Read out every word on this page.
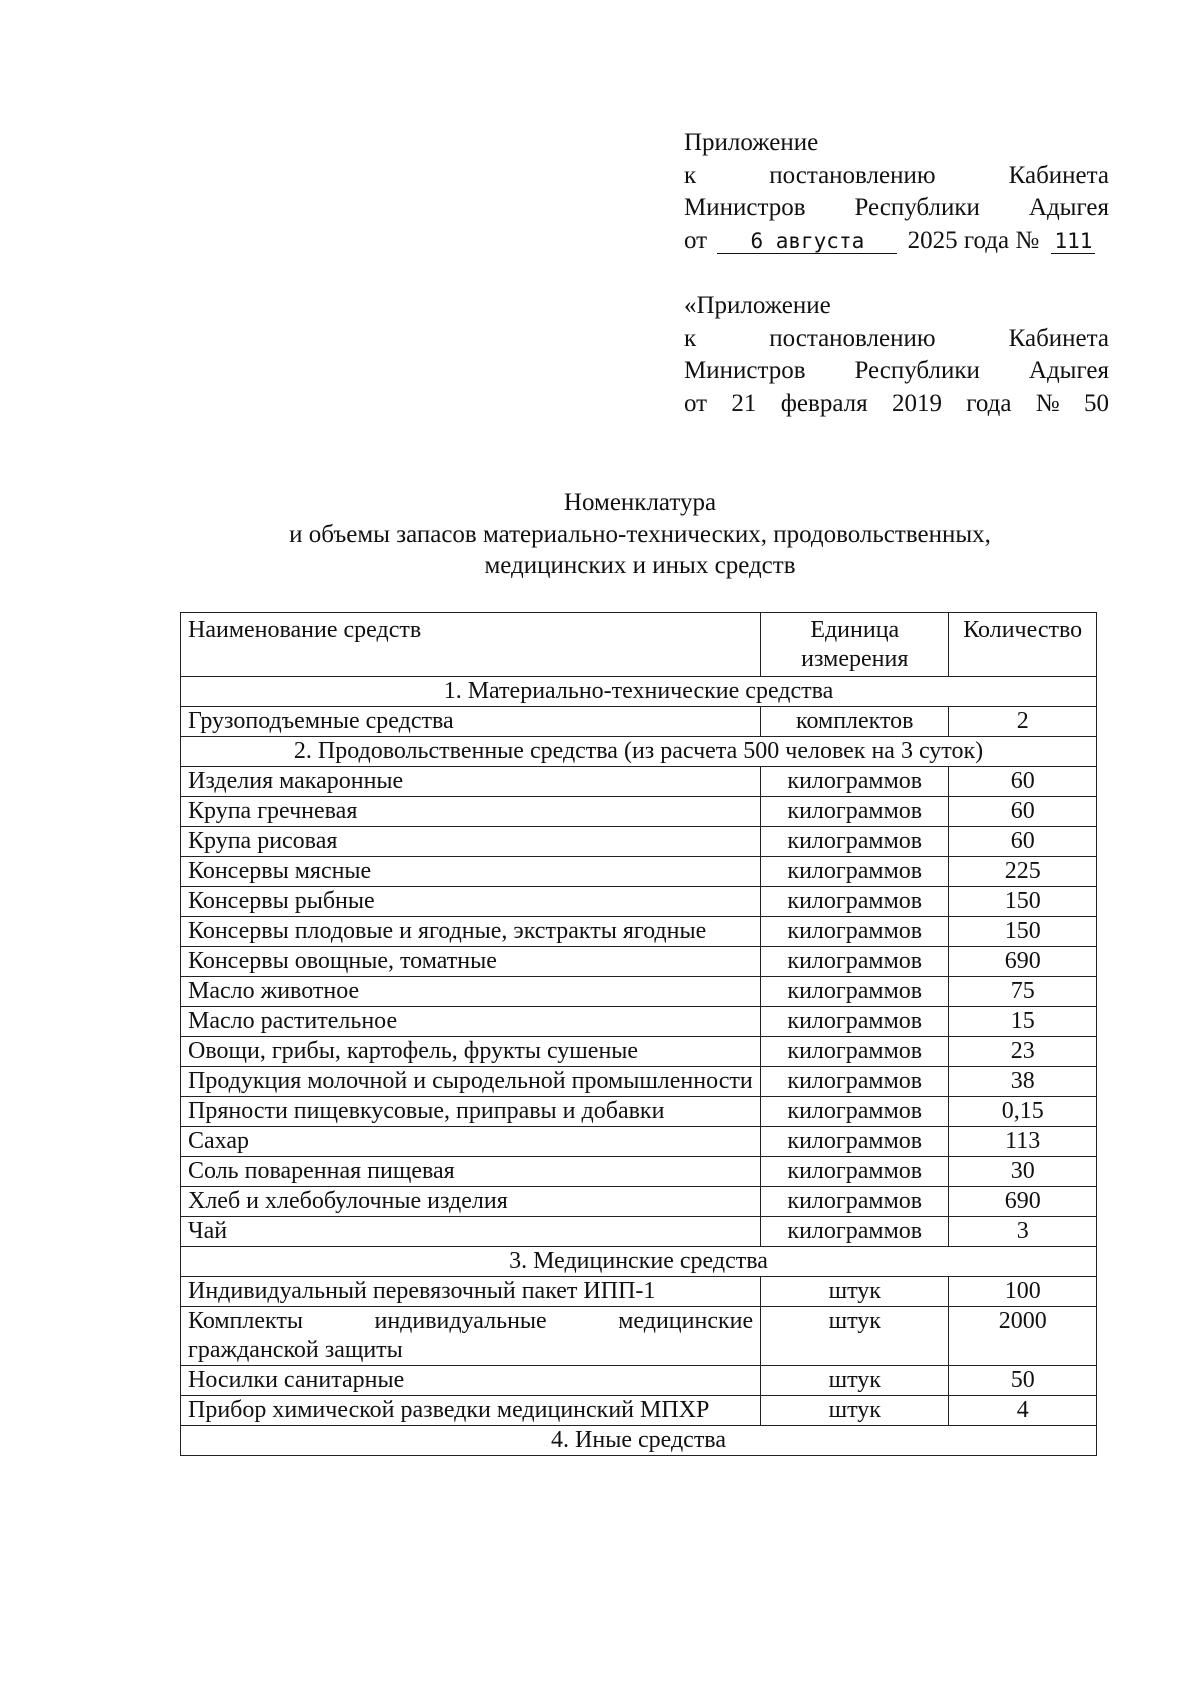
Приложение
к	постановлению	Кабинета
Министров Республики Адыгея
от 6 августа 2025 года № 111
«Приложение
к	постановлению	Кабинета
Министров Республики Адыгея
от 21 февраля 2019 года № 50
Номенклатура
и объемы запасов материально-технических, продовольственных,
медицинских и иных средств
Наименование средств	Единица измерения	Количество
1. Материально-технические средства		
Грузоподъемные средства	комплектов	2
2. Продовольственные средства (из расчета 500 человек на 3 суток)		
Изделия макаронные	килограммов	60
Крупа гречневая	килограммов	60
Крупа рисовая	килограммов	60
Консервы мясные	килограммов	225
Консервы рыбные	килограммов	150
Консервы плодовые и ягодные, экстракты ягодные	килограммов	150
Консервы овощные, томатные	килограммов	690
Масло животное	килограммов	75
Масло растительное	килограммов	15
Овощи, грибы, картофель, фрукты сушеные	килограммов	23
Продукция молочной и сыродельной промышленности	килограммов	38
Пряности пищевкусовые, приправы и добавки	килограммов	0,15
Сахар	килограммов	113
Соль поваренная пищевая	килограммов	30
Хлеб и хлебобулочные изделия	килограммов	690
Чай	килограммов	3
3. Медицинские средства		
Индивидуальный перевязочный пакет ИПП-1	штук	100
Комплекты индивидуальные медицинские гражданской защиты	штук	2000
Носилки санитарные	штук	50
Прибор химической разведки медицинский МПХР	штук	4
4. Иные средства		
